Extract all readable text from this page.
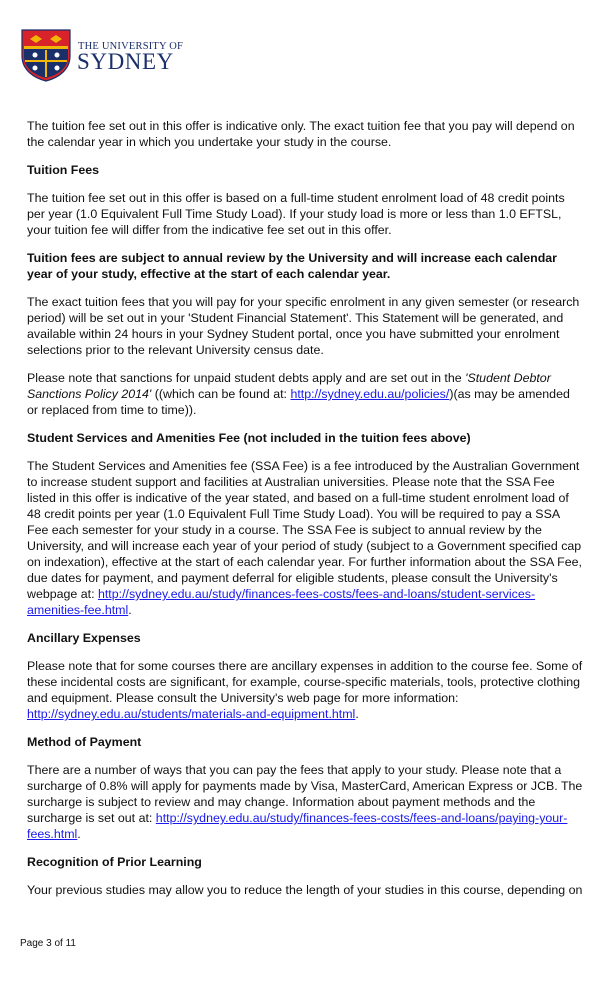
THE UNIVERSITY OF
SYDNEY

The tuition fee set out in this offer is indicative only. The exact tuition fee that you pay will depend on the calendar year in which you undertake your study in the course.

Tuition Fees

The tuition fee set out in this offer is based on a full-time student enrolment load of 48 credit points per year (1.0 Equivalent Full Time Study Load). If your study load is more or less than 1.0 EFTSL, your tuition fee will differ from the indicative fee set out in this offer.

Tuition fees are subject to annual review by the University and will increase each calendar year of your study, effective at the start of each calendar year.

The exact tuition fees that you will pay for your specific enrolment in any given semester (or research period) will be set out in your 'Student Financial Statement'. This Statement will be generated, and available within 24 hours in your Sydney Student portal, once you have submitted your enrolment selections prior to the relevant University census date.

Please note that sanctions for unpaid student debts apply and are set out in the 'Student Debtor Sanctions Policy 2014' ((which can be found at: http://sydney.edu.au/policies/)(as may be amended or replaced from time to time)).

Student Services and Amenities Fee (not included in the tuition fees above)

The Student Services and Amenities fee (SSA Fee) is a fee introduced by the Australian Government to increase student support and facilities at Australian universities. Please note that the SSA Fee listed in this offer is indicative of the year stated, and based on a full-time student enrolment load of 48 credit points per year (1.0 Equivalent Full Time Study Load). You will be required to pay a SSA Fee each semester for your study in a course. The SSA Fee is subject to annual review by the University, and will increase each year of your period of study (subject to a Government specified cap on indexation), effective at the start of each calendar year. For further information about the SSA Fee, due dates for payment, and payment deferral for eligible students, please consult the University's webpage at: http://sydney.edu.au/study/finances-fees-costs/fees-and-loans/student-services-amenities-fee.html.

Ancillary Expenses

Please note that for some courses there are ancillary expenses in addition to the course fee. Some of these incidental costs are significant, for example, course-specific materials, tools, protective clothing and equipment. Please consult the University's web page for more information: http://sydney.edu.au/students/materials-and-equipment.html.

Method of Payment

There are a number of ways that you can pay the fees that apply to your study. Please note that a surcharge of 0.8% will apply for payments made by Visa, MasterCard, American Express or JCB. The surcharge is subject to review and may change. Information about payment methods and the surcharge is set out at: http://sydney.edu.au/study/finances-fees-costs/fees-and-loans/paying-your-fees.html.

Recognition of Prior Learning

Your previous studies may allow you to reduce the length of your studies in this course, depending on

Page 3 of 11
